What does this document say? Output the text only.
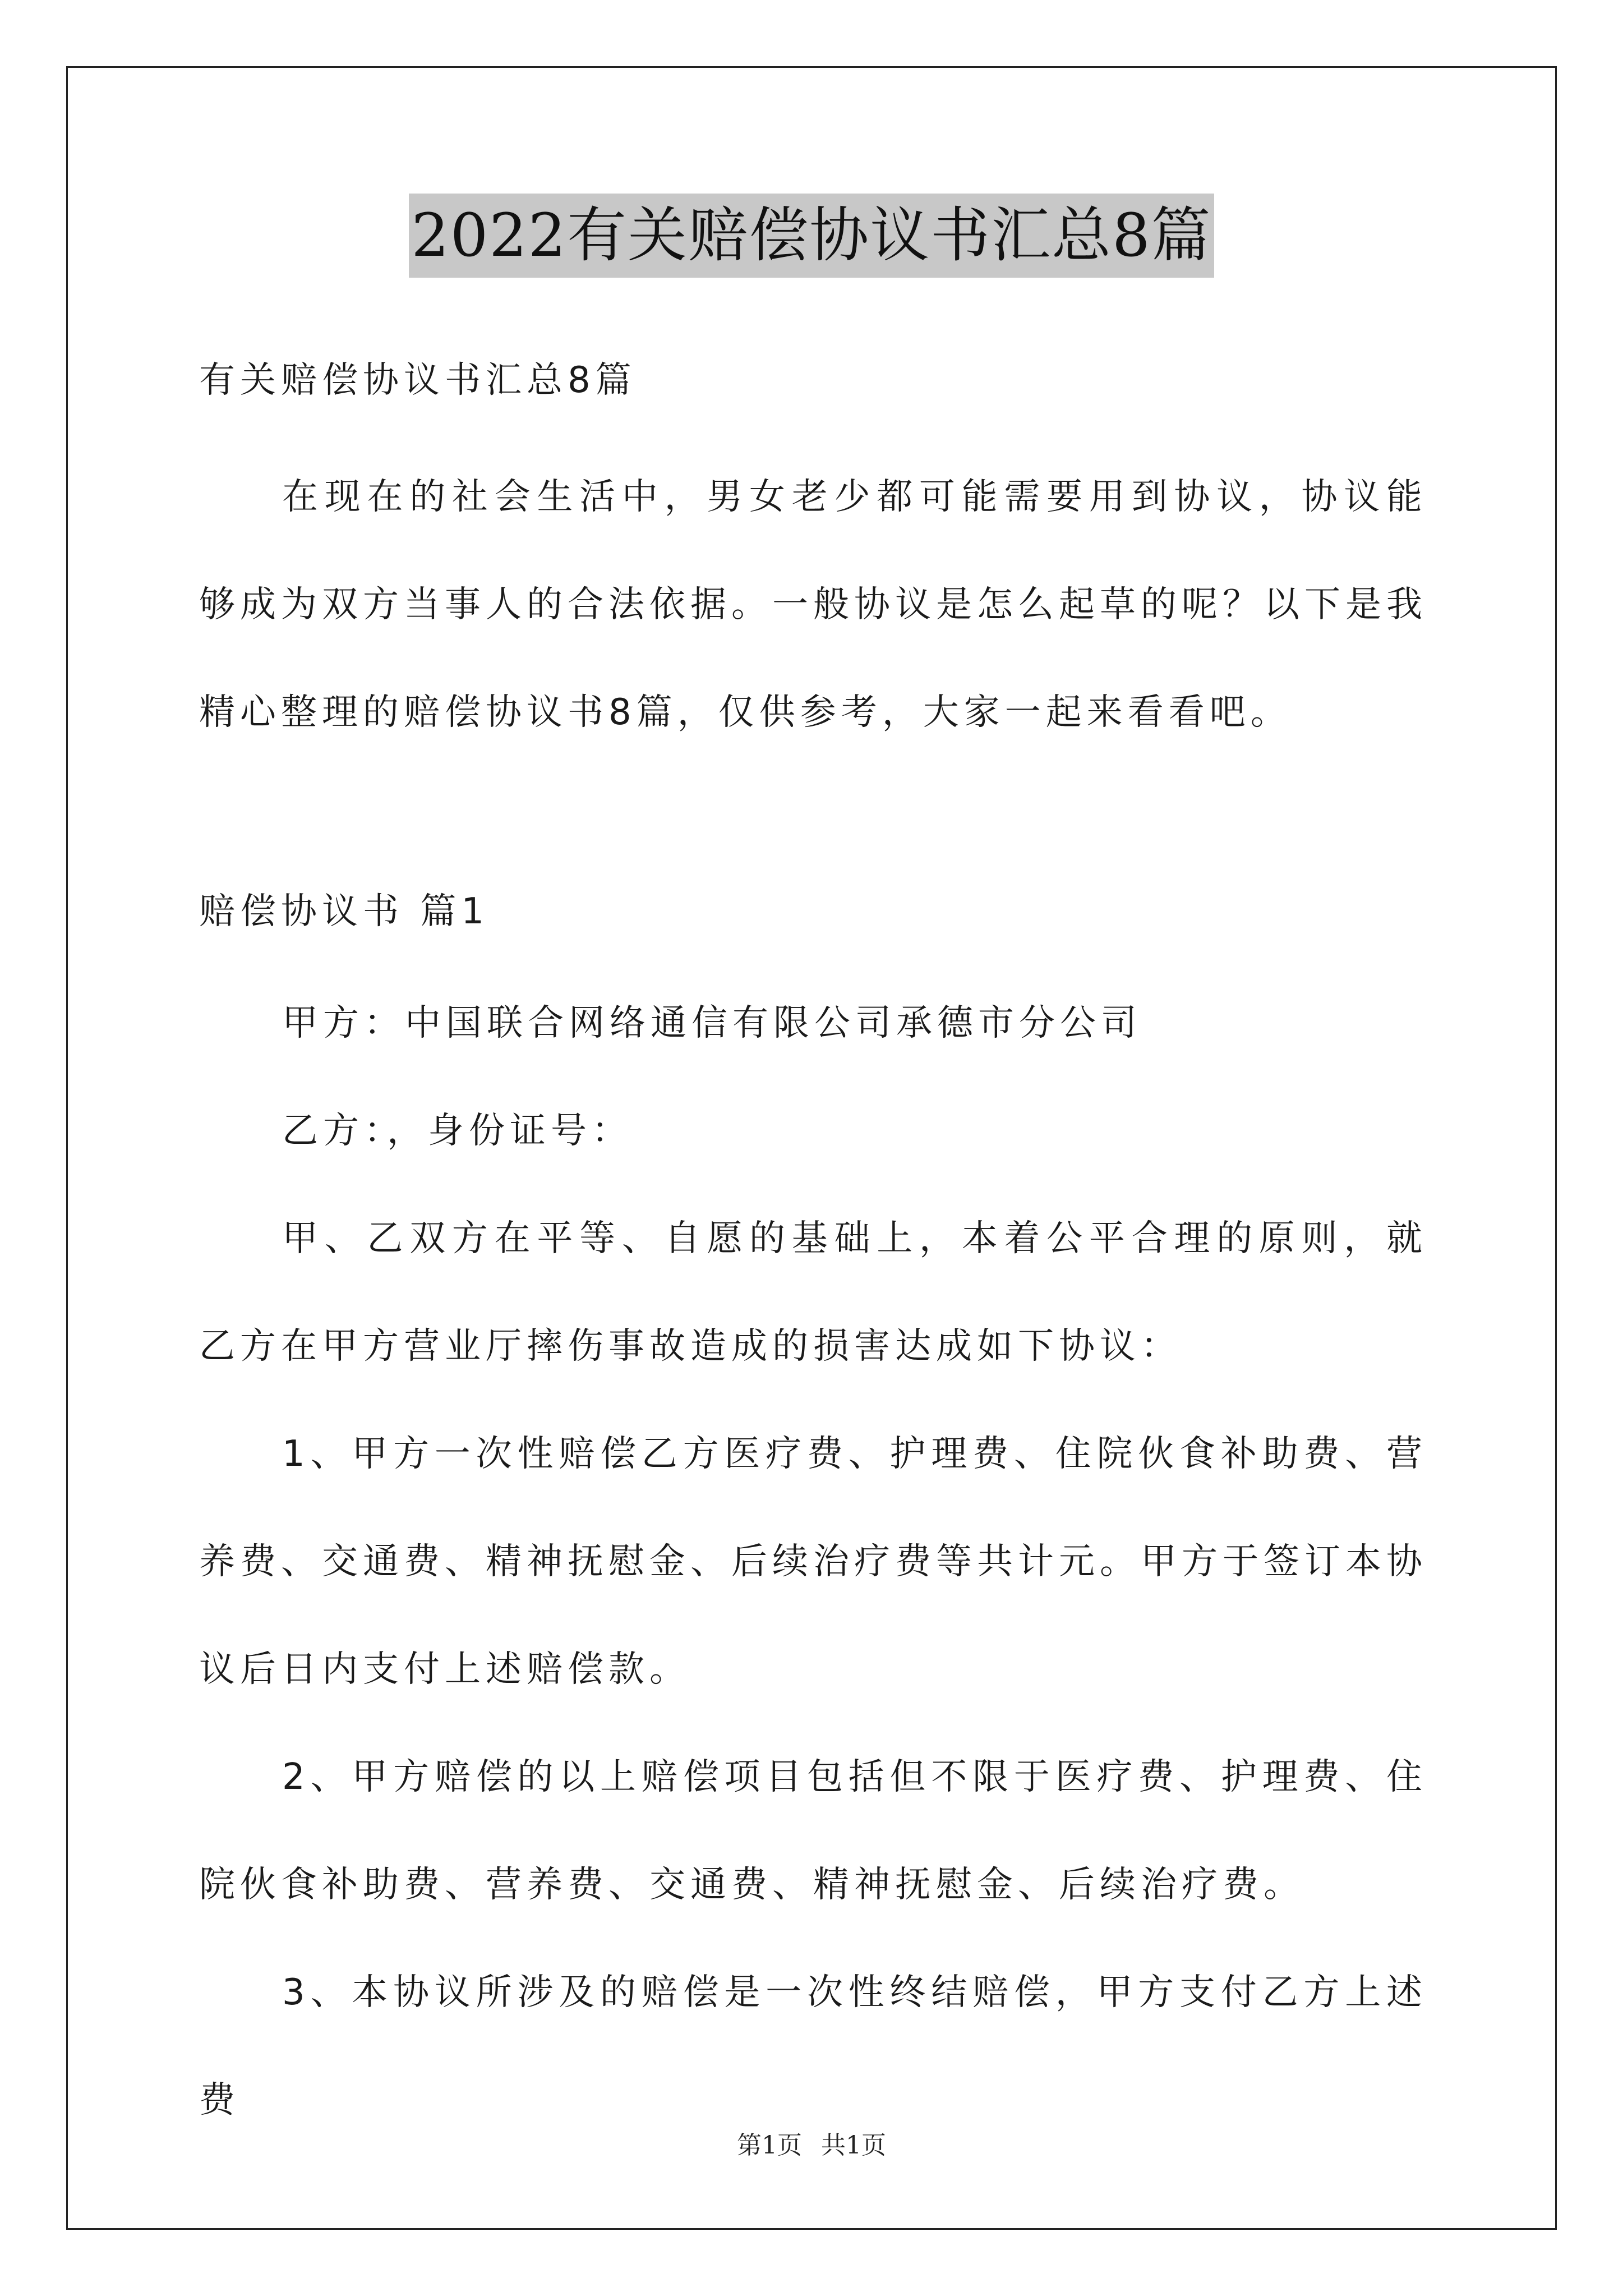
2022有关赔偿协议书汇总8篇
有关赔偿协议书汇总8篇
在现在的社会生活中，男女老少都可能需要用到协议，协议能够成为双方当事人的合法依据。一般协议是怎么起草的呢？以下是我精心整理的赔偿协议书8篇，仅供参考，大家一起来看看吧。
赔偿协议书 篇1
甲方：中国联合网络通信有限公司承德市分公司
乙方：，身份证号：
甲、乙双方在平等、自愿的基础上，本着公平合理的原则，就乙方在甲方营业厅摔伤事故造成的损害达成如下协议：
1、甲方一次性赔偿乙方医疗费、护理费、住院伙食补助费、营养费、交通费、精神抚慰金、后续治疗费等共计元。甲方于签订本协议后日内支付上述赔偿款。
2、甲方赔偿的以上赔偿项目包括但不限于医疗费、护理费、住院伙食补助费、营养费、交通费、精神抚慰金、后续治疗费。
3、本协议所涉及的赔偿是一次性终结赔偿，甲方支付乙方上述费
第1页 共1页
